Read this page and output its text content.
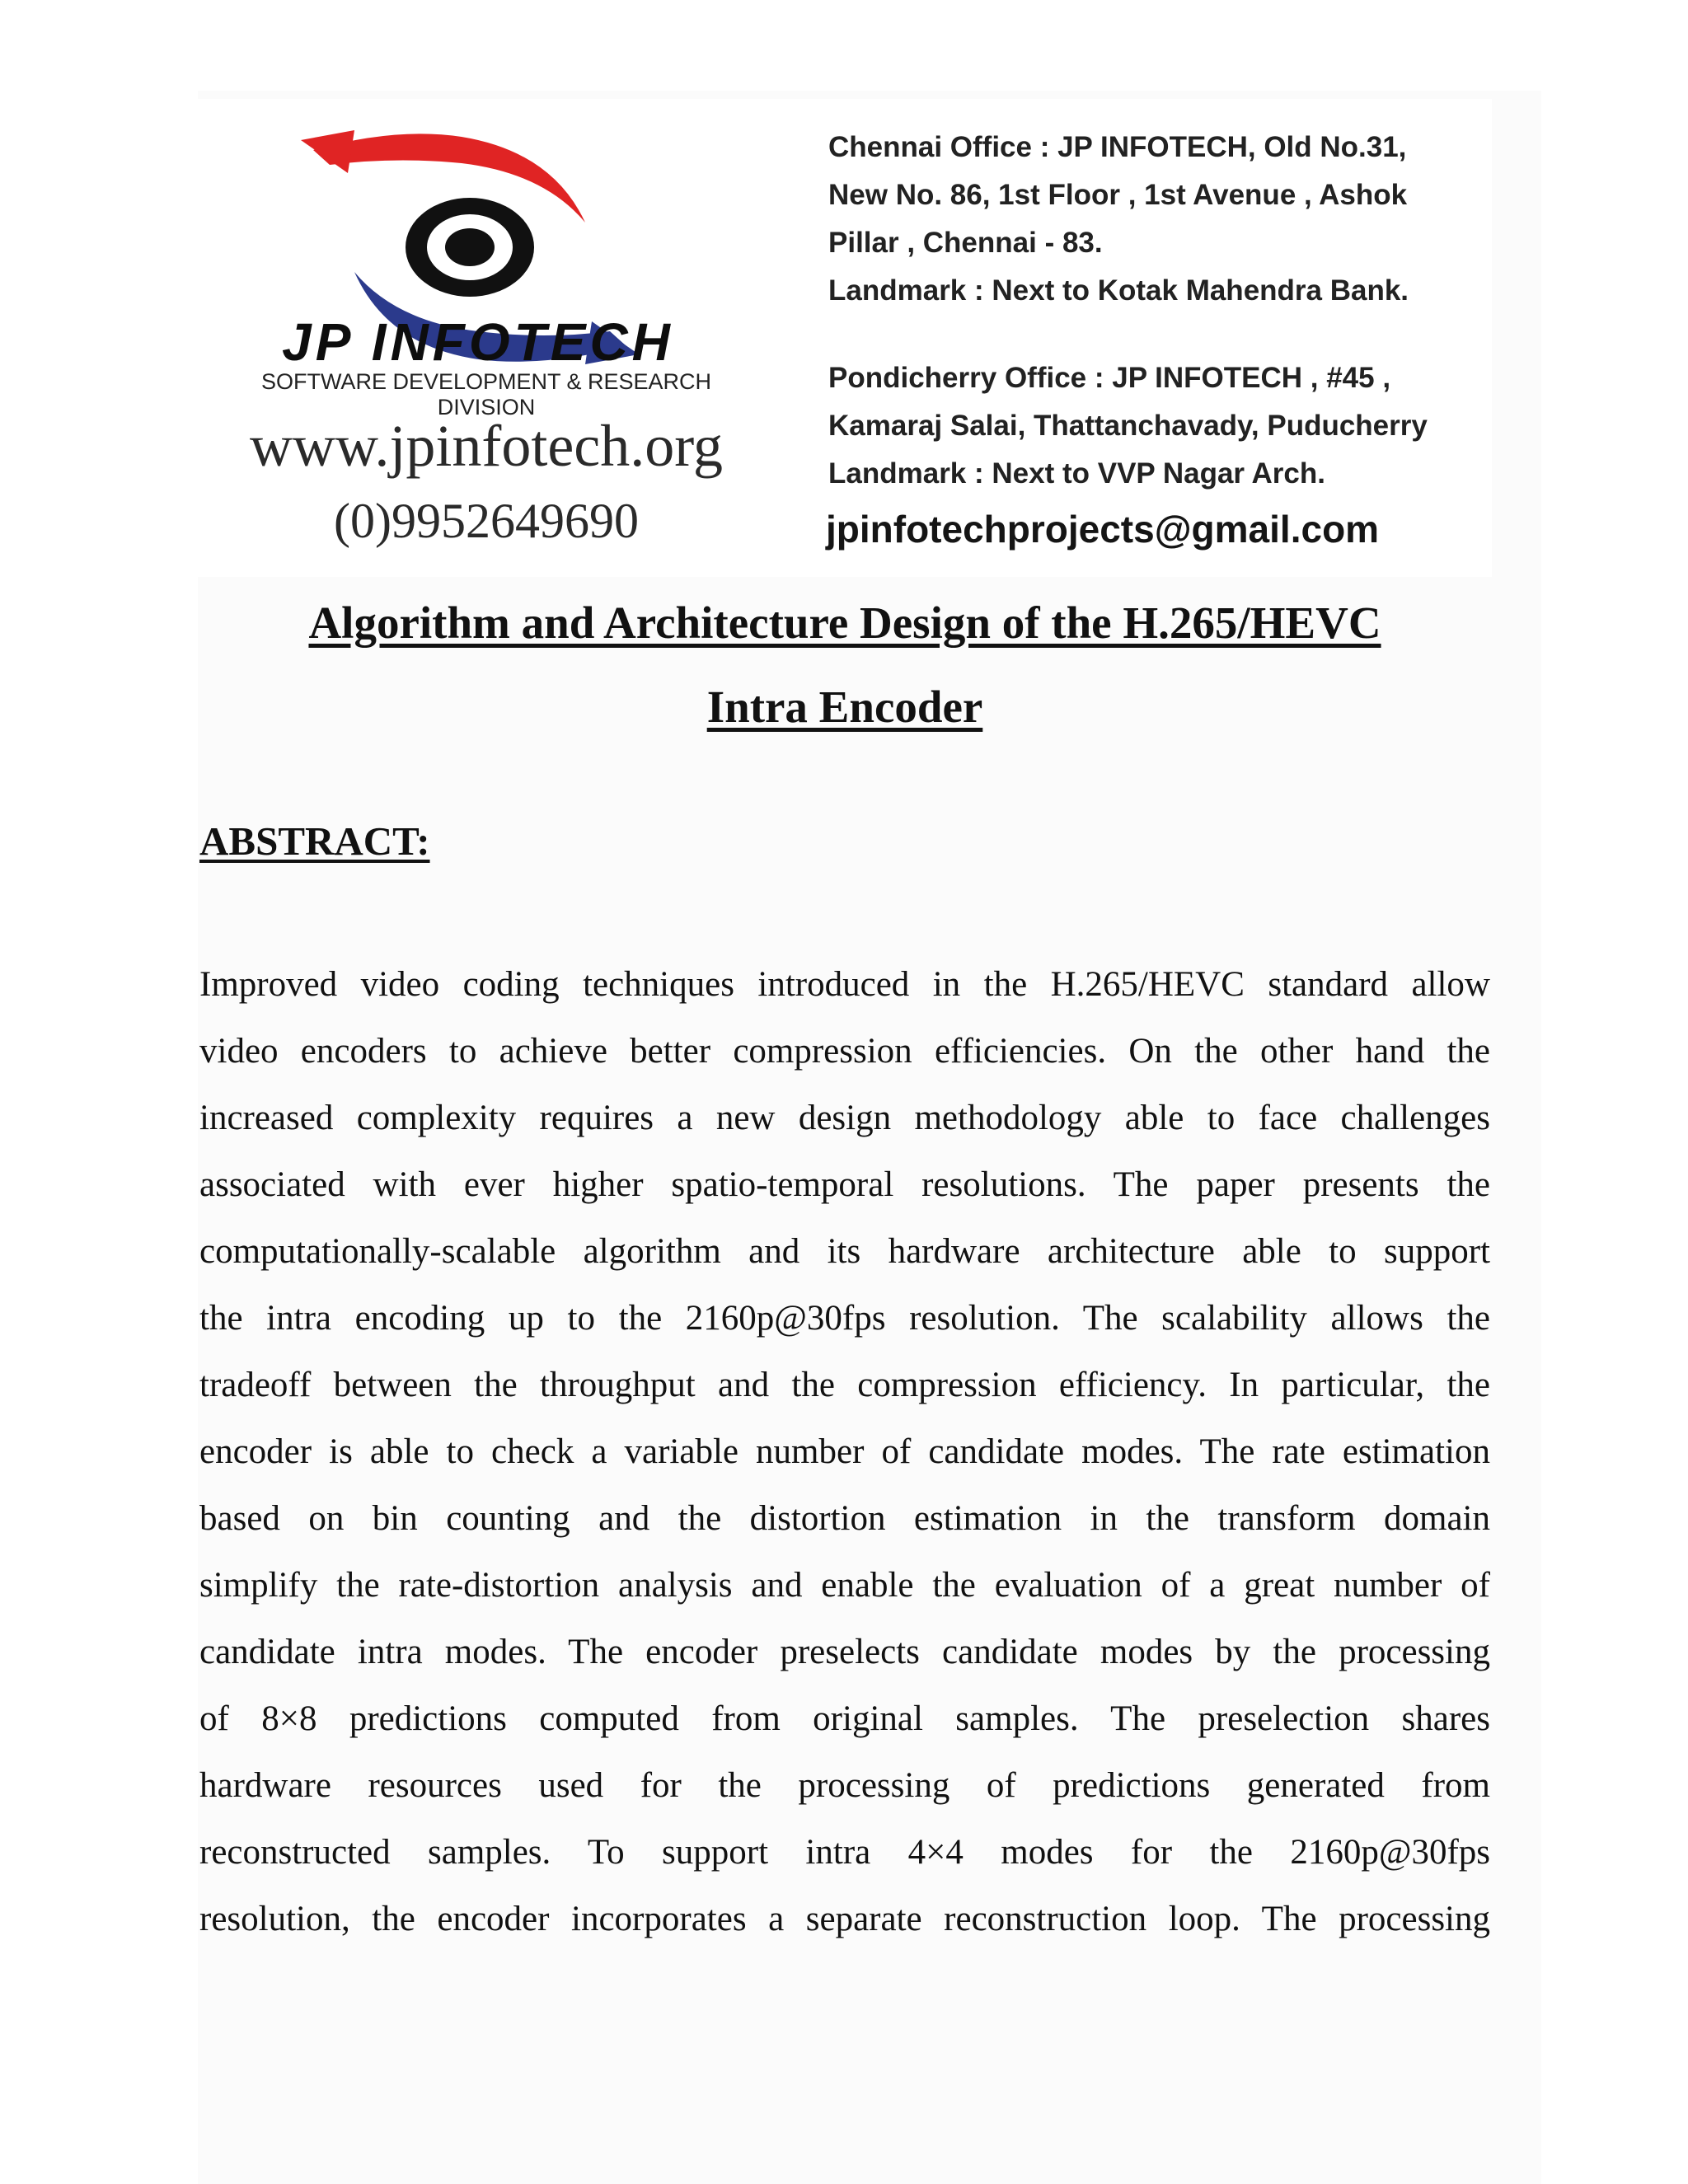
JP INFOTECH
SOFTWARE DEVELOPMENT & RESEARCH DIVISION
www.jpinfotech.org
(0)9952649690
Chennai Office : JP INFOTECH, Old No.31,
New No. 86, 1st Floor , 1st Avenue , Ashok
Pillar , Chennai - 83.
Landmark : Next to Kotak Mahendra Bank.
Pondicherry Office : JP INFOTECH , #45 ,
Kamaraj Salai, Thattanchavady, Puducherry
Landmark : Next to VVP Nagar Arch.
jpinfotechprojects@gmail.com
Algorithm and Architecture Design of the H.265/HEVC
Intra Encoder
ABSTRACT:
Improved video coding techniques introduced in the H.265/HEVC standard allow
video encoders to achieve better compression efficiencies. On the other hand the
increased complexity requires a new design methodology able to face challenges
associated with ever higher spatio-temporal resolutions. The paper presents the
computationally-scalable algorithm and its hardware architecture able to support
the intra encoding up to the 2160p@30fps resolution. The scalability allows the
tradeoff between the throughput and the compression efficiency. In particular, the
encoder is able to check a variable number of candidate modes. The rate estimation
based on bin counting and the distortion estimation in the transform domain
simplify the rate-distortion analysis and enable the evaluation of a great number of
candidate intra modes. The encoder preselects candidate modes by the processing
of 8×8 predictions computed from original samples. The preselection shares
hardware resources used for the processing of predictions generated from
reconstructed samples. To support intra 4×4 modes for the 2160p@30fps
resolution, the encoder incorporates a separate reconstruction loop. The processing
